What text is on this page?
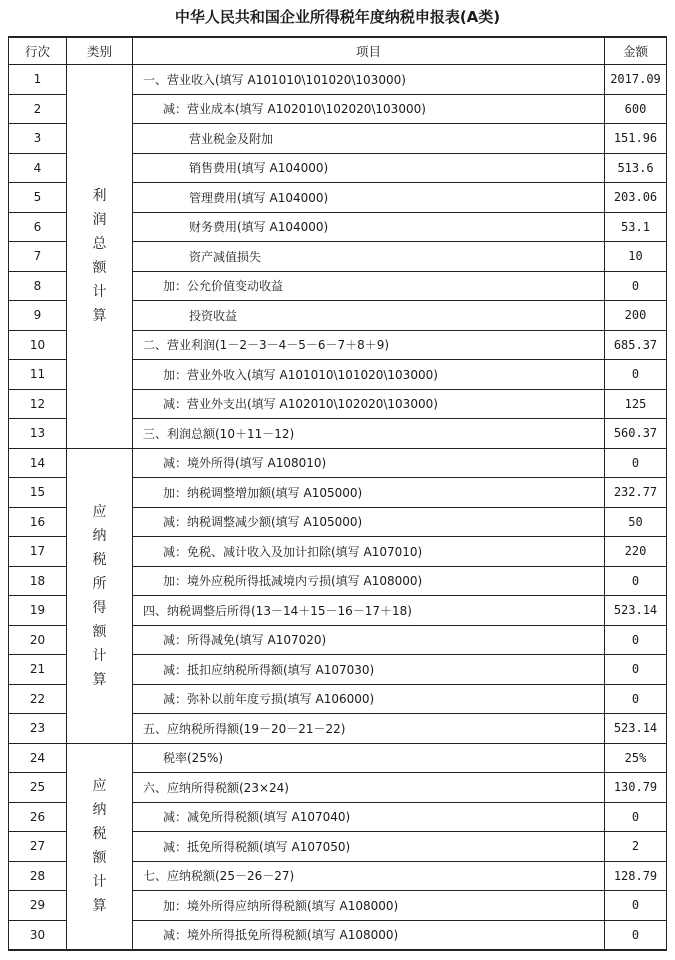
中华人民共和国企业所得税年度纳税申报表(A类)
行次	类别	项目	金额
1	利润总额计算	一、营业收入(填写 A101010\101020\103000)	2017.09
2		减：营业成本(填写 A102010\102020\103000)	600
3		营业税金及附加	151.96
4		销售费用(填写 A104000)	513.6
5		管理费用(填写 A104000)	203.06
6		财务费用(填写 A104000)	53.1
7		资产减值损失	10
8		加：公允价值变动收益	0
9		投资收益	200
10		二、营业利润(1－2－3－4－5－6－7＋8＋9)	685.37
11		加：营业外收入(填写 A101010\101020\103000)	0
12		减：营业外支出(填写 A102010\102020\103000)	125
13		三、利润总额(10＋11－12)	560.37
14	应纳税所得额计算	减：境外所得(填写 A108010)	0
15		加：纳税调整增加额(填写 A105000)	232.77
16		减：纳税调整减少额(填写 A105000)	50
17		减：免税、减计收入及加计扣除(填写 A107010)	220
18		加：境外应税所得抵减境内亏损(填写 A108000)	0
19		四、纳税调整后所得(13－14＋15－16－17＋18)	523.14
20		减：所得减免(填写 A107020)	0
21		减：抵扣应纳税所得额(填写 A107030)	0
22		减：弥补以前年度亏损(填写 A106000)	0
23		五、应纳税所得额(19－20－21－22)	523.14
24	应纳税额计算	税率(25%)	25%
25		六、应纳所得税额(23×24)	130.79
26		减：减免所得税额(填写 A107040)	0
27		减：抵免所得税额(填写 A107050)	2
28		七、应纳税额(25－26－27)	128.79
29		加：境外所得应纳所得税额(填写 A108000)	0
30		减：境外所得抵免所得税额(填写 A108000)	0
